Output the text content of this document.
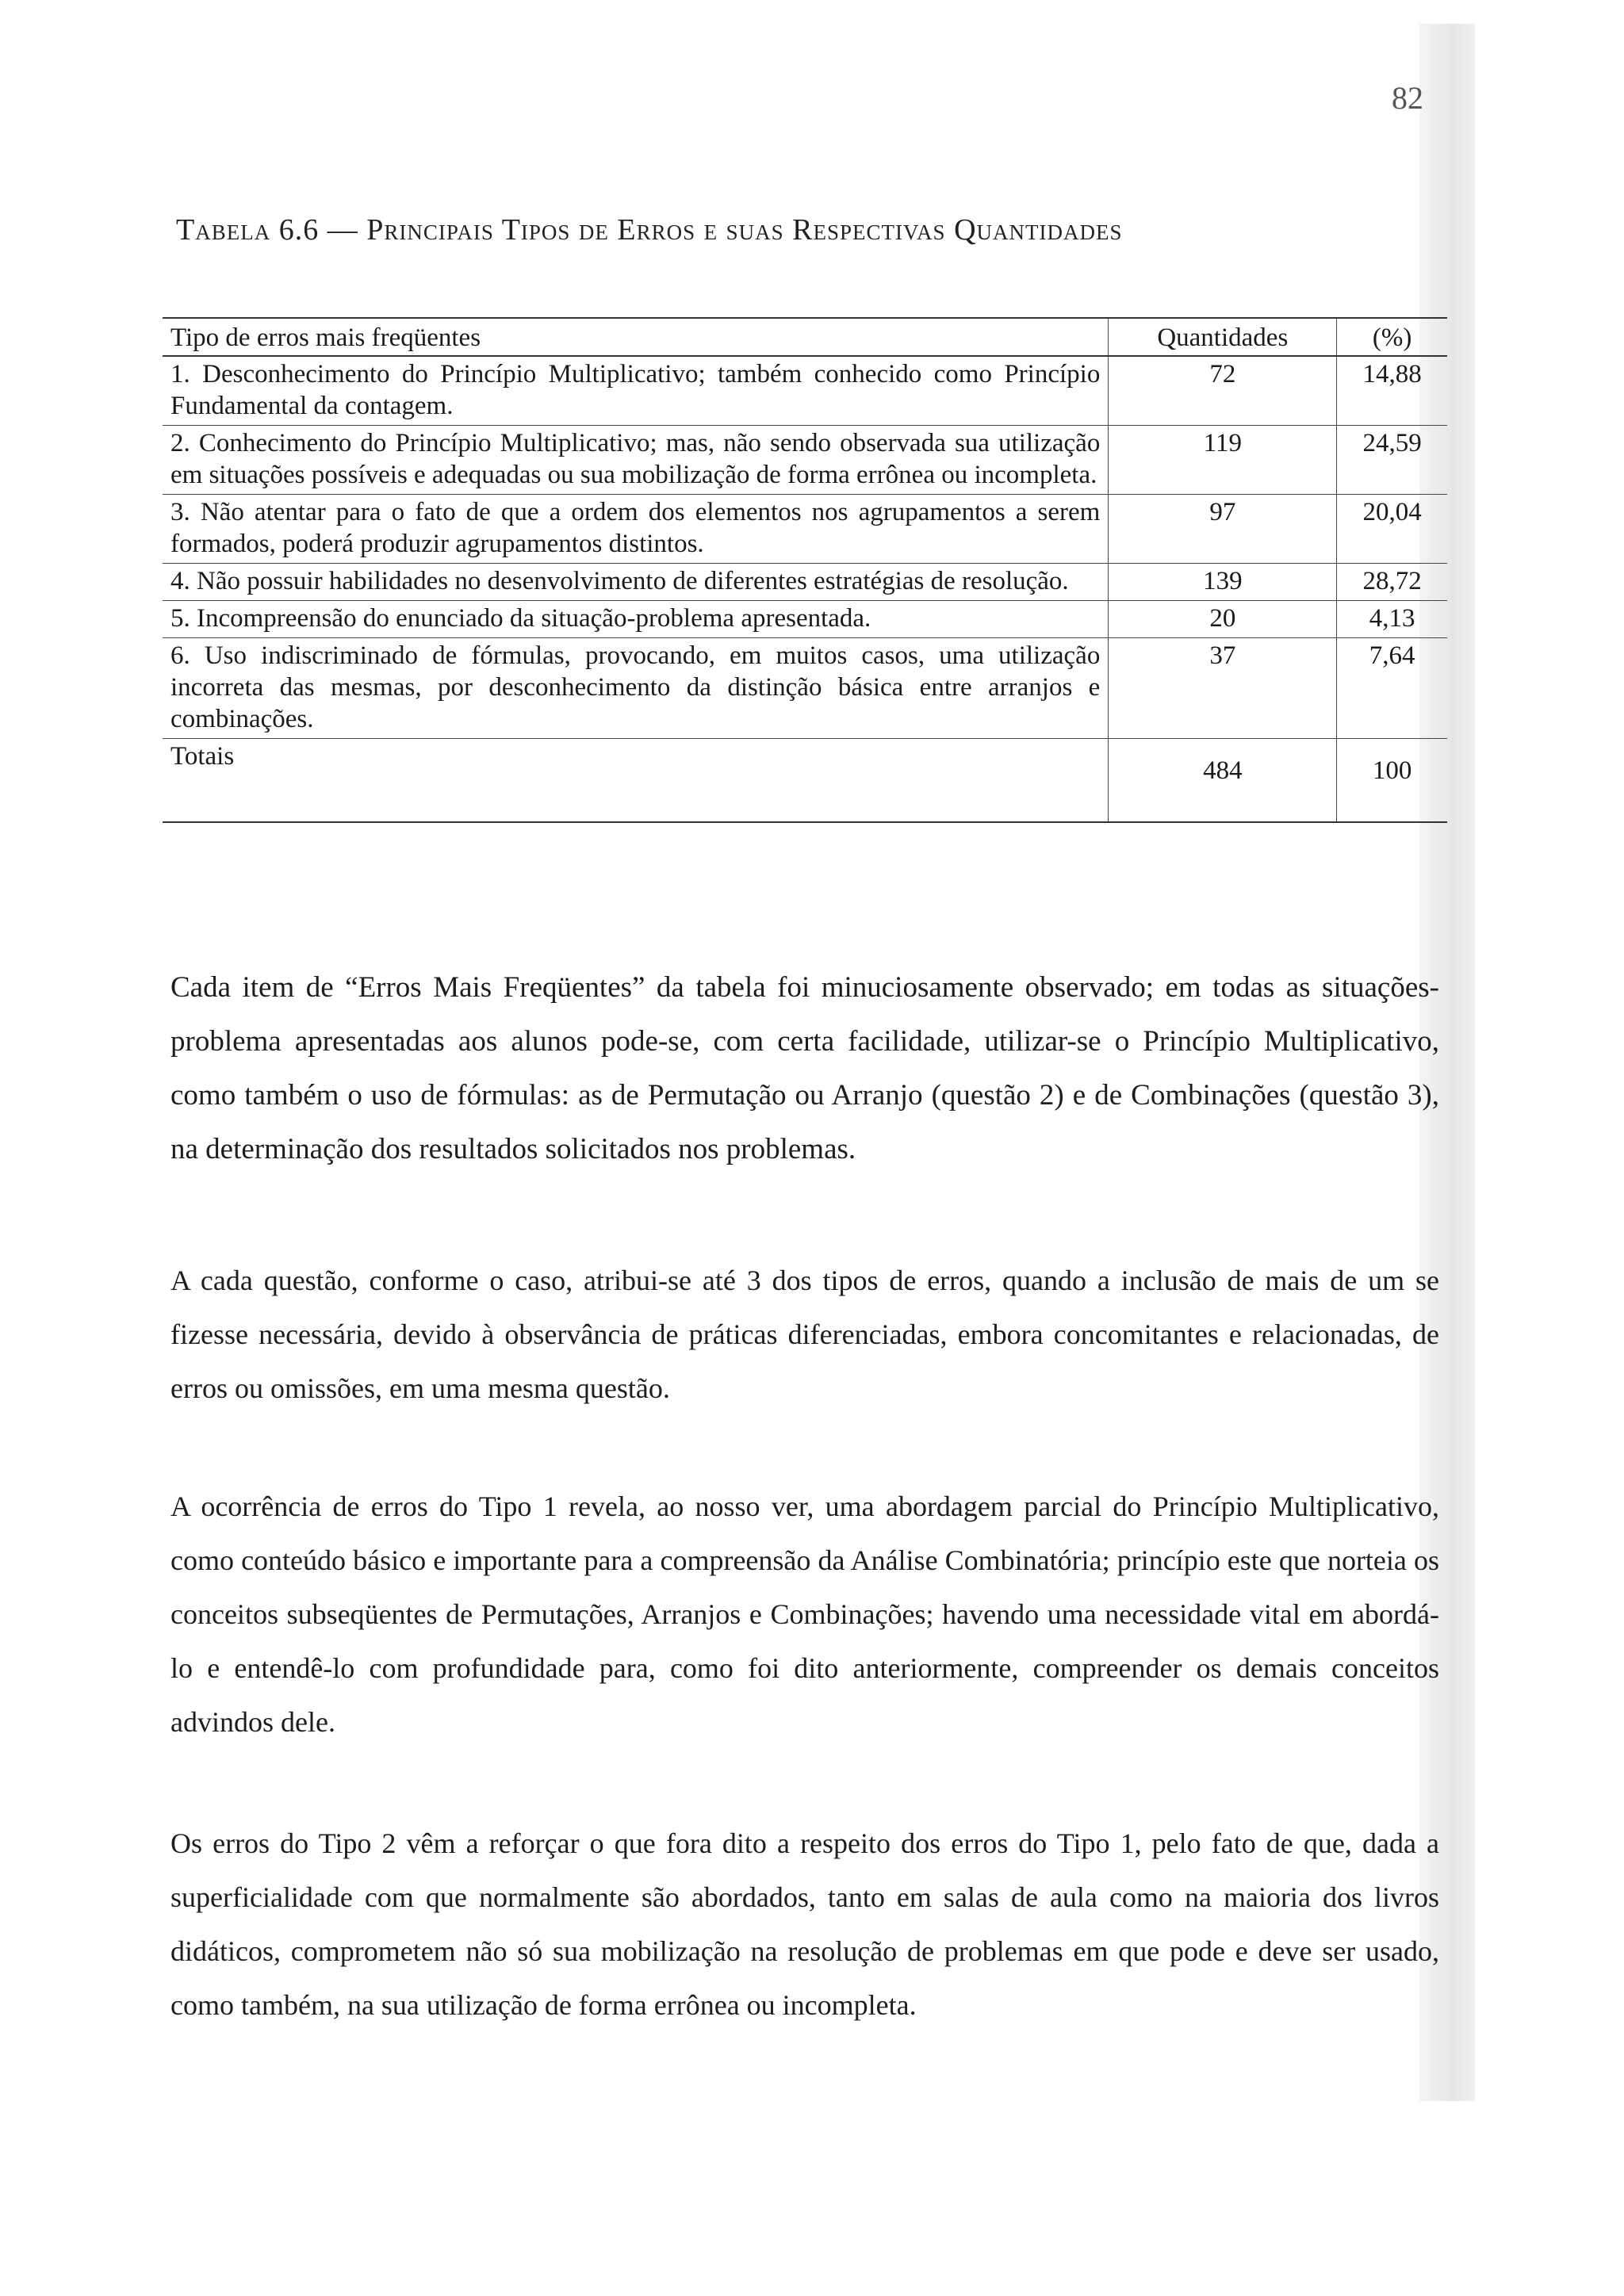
82
Tabela 6.6 — Principais Tipos de Erros e suas Respectivas Quantidades
Tipo de erros mais freqüentes	Quantidades	(%)
1. Desconhecimento do Princípio Multiplicativo; também conhecido como Princípio Fundamental da contagem.	72	14,88
2. Conhecimento do Princípio Multiplicativo; mas, não sendo observada sua utilização em situações possíveis e adequadas ou sua mobilização de forma errônea ou incompleta.	119	24,59
3. Não atentar para o fato de que a ordem dos elementos nos agrupamentos a serem formados, poderá produzir agrupamentos distintos.	97	20,04
4. Não possuir habilidades no desenvolvimento de diferentes estratégias de resolução.	139	28,72
5. Incompreensão do enunciado da situação-problema apresentada.	20	4,13
6. Uso indiscriminado de fórmulas, provocando, em muitos casos, uma utilização incorreta das mesmas, por desconhecimento da distinção básica entre arranjos e combinações.	37	7,64
Totais	484	100

Cada item de “Erros Mais Freqüentes” da tabela foi minuciosamente observado; em todas as situações-problema apresentadas aos alunos pode-se, com certa facilidade, utilizar-se o Princípio Multiplicativo, como também o uso de fórmulas: as de Permutação ou Arranjo (questão 2) e de Combinações (questão 3), na determinação dos resultados solicitados nos problemas.

A cada questão, conforme o caso, atribui-se até 3 dos tipos de erros, quando a inclusão de mais de um se fizesse necessária, devido à observância de práticas diferenciadas, embora concomitantes e relacionadas, de erros ou omissões, em uma mesma questão.

A ocorrência de erros do Tipo 1 revela, ao nosso ver, uma abordagem parcial do Princípio Multiplicativo, como conteúdo básico e importante para a compreensão da Análise Combinatória; princípio este que norteia os conceitos subseqüentes de Permutações, Arranjos e Combinações; havendo uma necessidade vital em abordá-lo e entendê-lo com profundidade para, como foi dito anteriormente, compreender os demais conceitos advindos dele.

Os erros do Tipo 2 vêm a reforçar o que fora dito a respeito dos erros do Tipo 1, pelo fato de que, dada a superficialidade com que normalmente são abordados, tanto em salas de aula como na maioria dos livros didáticos, comprometem não só sua mobilização na resolução de problemas em que pode e deve ser usado, como também, na sua utilização de forma errônea ou incompleta.
